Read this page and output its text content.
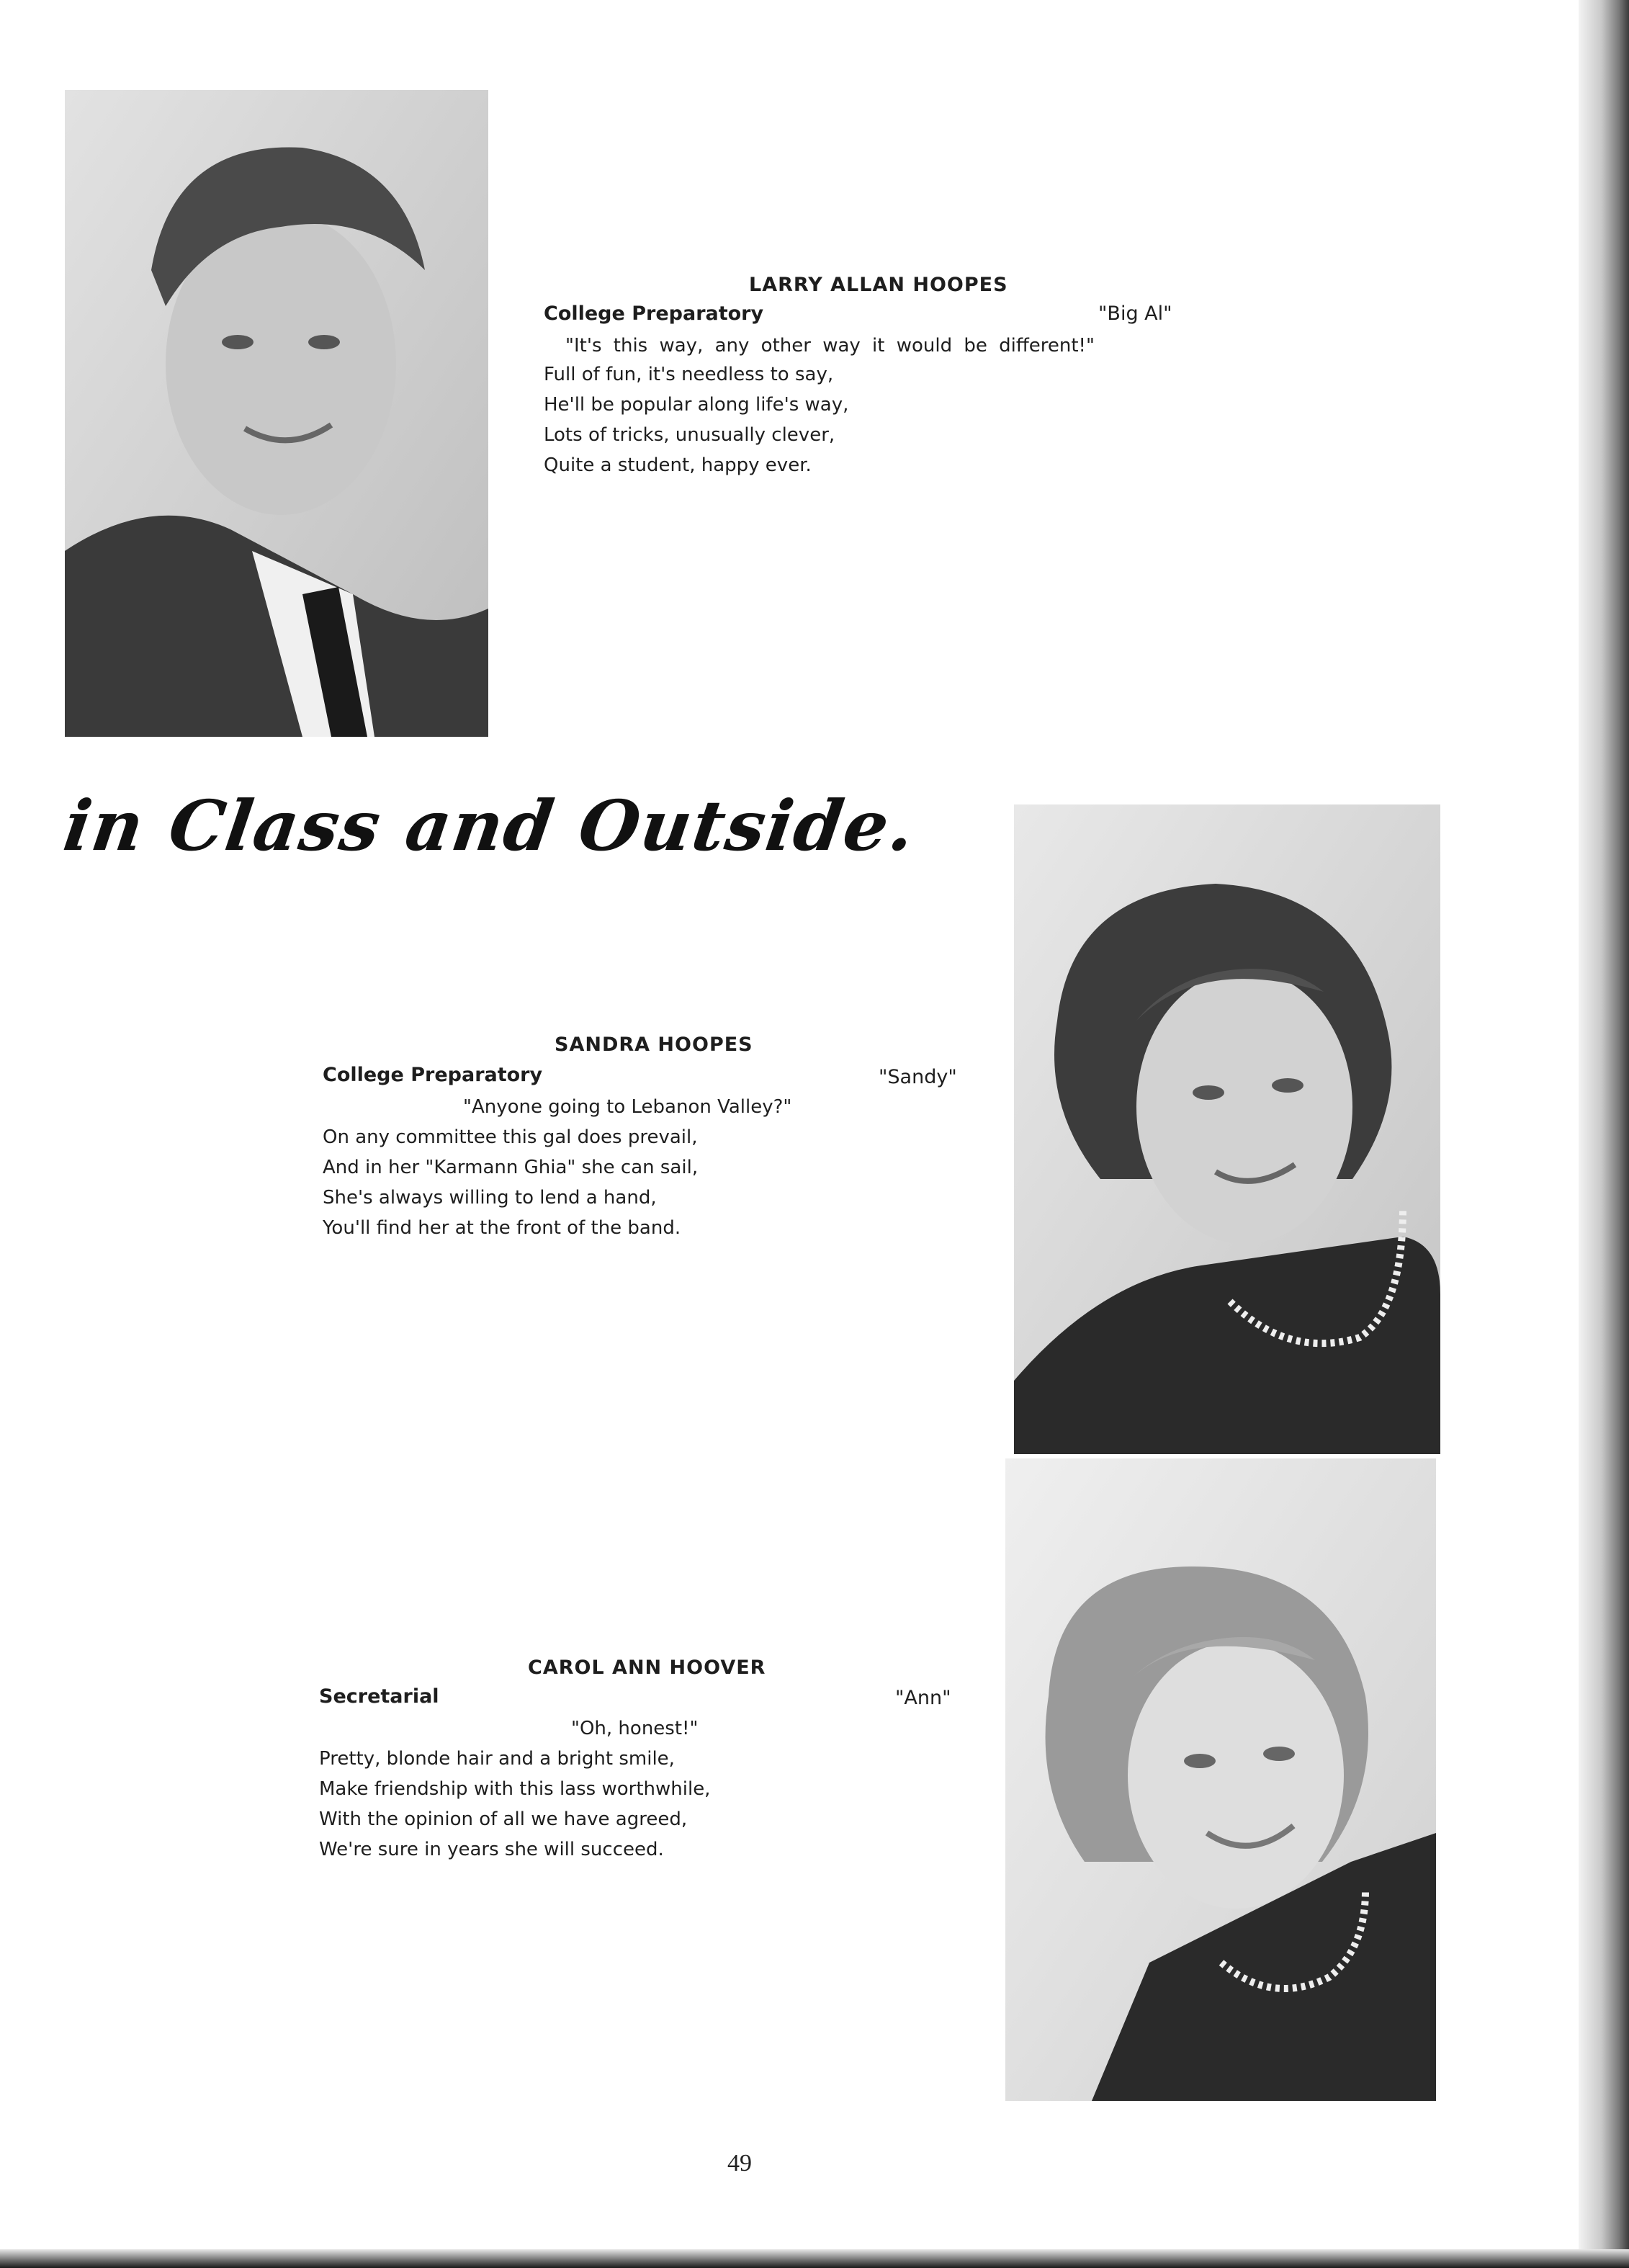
LARRY ALLAN HOOPES
College Preparatory	"Big Al"
"It's this way, any other way it would be different!"
Full of fun, it's needless to say,
He'll be popular along life's way,
Lots of tricks, unusually clever,
Quite a student, happy ever.
in Class and Outside.
SANDRA HOOPES
College Preparatory	"Sandy"
"Anyone going to Lebanon Valley?"
On any committee this gal does prevail,
And in her "Karmann Ghia" she can sail,
She's always willing to lend a hand,
You'll find her at the front of the band.
CAROL ANN HOOVER
Secretarial	"Ann"
"Oh, honest!"
Pretty, blonde hair and a bright smile,
Make friendship with this lass worthwhile,
With the opinion of all we have agreed,
We're sure in years she will succeed.
49
